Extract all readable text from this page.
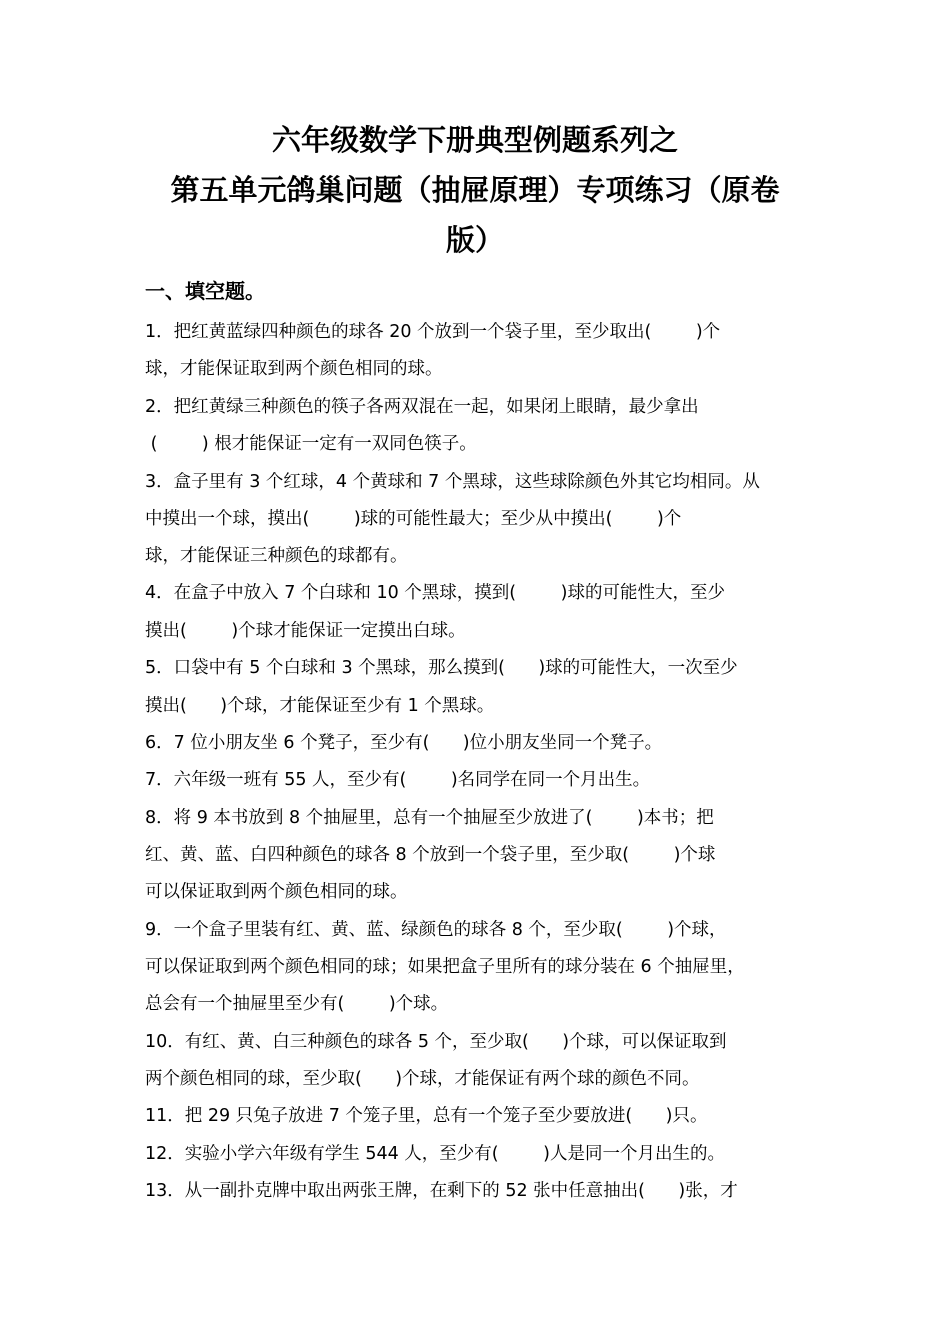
六年级数学下册典型例题系列之
第五单元鸽巢问题（抽屉原理）专项练习（原卷
版）
一、填空题。

1．把红黄蓝绿四种颜色的球各 20 个放到一个袋子里，至少取出(        )个

球，才能保证取到两个颜色相同的球。

2．把红黄绿三种颜色的筷子各两双混在一起，如果闭上眼睛，最少拿出

(        ) 根才能保证一定有一双同色筷子。

3．盒子里有 3 个红球，4 个黄球和 7 个黑球，这些球除颜色外其它均相同。从

中摸出一个球，摸出(        )球的可能性最大；至少从中摸出(        )个

球，才能保证三种颜色的球都有。

4．在盒子中放入 7 个白球和 10 个黑球，摸到(        )球的可能性大，至少

摸出(        )个球才能保证一定摸出白球。

5．口袋中有 5 个白球和 3 个黑球，那么摸到(      )球的可能性大，一次至少

摸出(      )个球，才能保证至少有 1 个黑球。

6．7 位小朋友坐 6 个凳子，至少有(      )位小朋友坐同一个凳子。

7．六年级一班有 55 人，至少有(        )名同学在同一个月出生。

8．将 9 本书放到 8 个抽屉里，总有一个抽屉至少放进了(        )本书；把

红、黄、蓝、白四种颜色的球各 8 个放到一个袋子里，至少取(        )个球

可以保证取到两个颜色相同的球。

9．一个盒子里装有红、黄、蓝、绿颜色的球各 8 个，至少取(        )个球，

可以保证取到两个颜色相同的球；如果把盒子里所有的球分装在 6 个抽屉里，

总会有一个抽屉里至少有(        )个球。

10．有红、黄、白三种颜色的球各 5 个，至少取(      )个球，可以保证取到

两个颜色相同的球，至少取(      )个球，才能保证有两个球的颜色不同。

11．把 29 只兔子放进 7 个笼子里，总有一个笼子至少要放进(      )只。

12．实验小学六年级有学生 544 人，至少有(        )人是同一个月出生的。

13．从一副扑克牌中取出两张王牌，在剩下的 52 张中任意抽出(      )张，才
